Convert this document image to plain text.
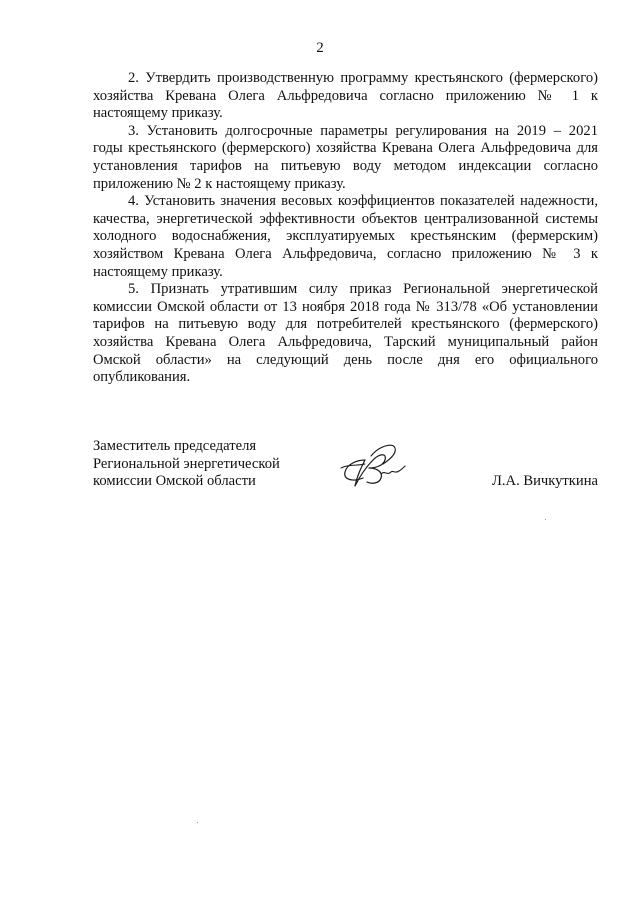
2

2. Утвердить производственную программу крестьянского (фермерского) хозяйства Кревана Олега Альфредовича согласно приложению № 1 к настоящему приказу.

3. Установить долгосрочные параметры регулирования на 2019 – 2021 годы крестьянского (фермерского) хозяйства Кревана Олега Альфредовича для установления тарифов на питьевую воду методом индексации согласно приложению № 2 к настоящему приказу.

4. Установить значения весовых коэффициентов показателей надежности, качества, энергетической эффективности объектов централизованной системы холодного водоснабжения, эксплуатируемых крестьянским (фермерским) хозяйством Кревана Олега Альфредовича, согласно приложению № 3 к настоящему приказу.

5. Признать утратившим силу приказ Региональной энергетической комиссии Омской области от 13 ноября 2018 года № 313/78 «Об установлении тарифов на питьевую воду для потребителей крестьянского (фермерского) хозяйства Кревана Олега Альфредовича, Тарский муниципальный район Омской области» на следующий день после дня его официального опубликования.

Заместитель председателя
Региональной энергетической
комиссии Омской области	Л.А. Вичкуткина
